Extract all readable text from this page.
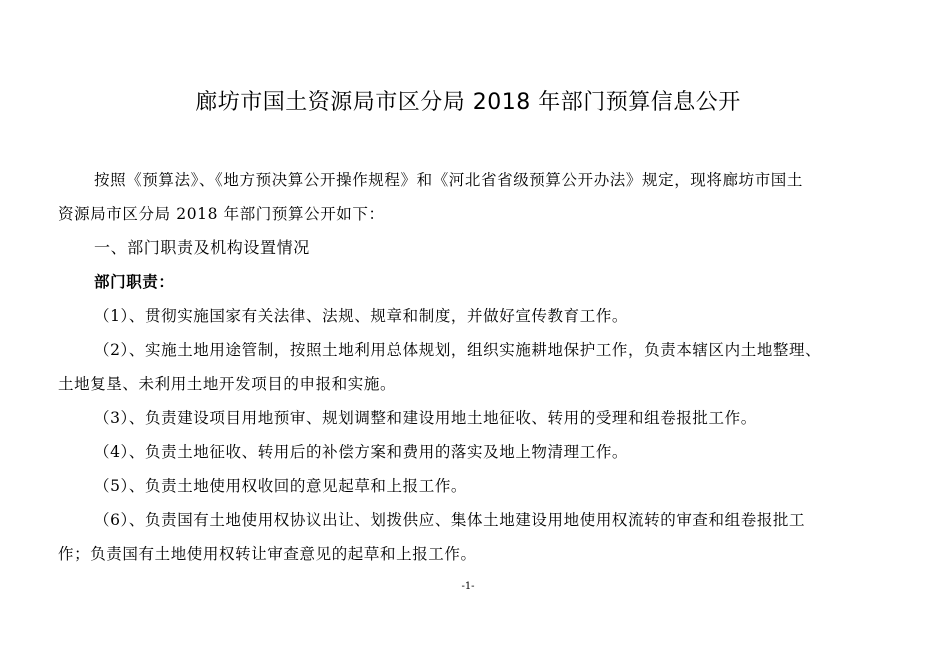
廊坊市国土资源局市区分局 2018 年部门预算信息公开
按照《预算法》、《地方预决算公开操作规程》和《河北省省级预算公开办法》规定，现将廊坊市国土
资源局市区分局 2018 年部门预算公开如下：
一、部门职责及机构设置情况
部门职责：
（1）、贯彻实施国家有关法律、法规、规章和制度，并做好宣传教育工作。
（2）、实施土地用途管制，按照土地利用总体规划，组织实施耕地保护工作，负责本辖区内土地整理、
土地复垦、未利用土地开发项目的申报和实施。
（3）、负责建设项目用地预审、规划调整和建设用地土地征收、转用的受理和组卷报批工作。
（4）、负责土地征收、转用后的补偿方案和费用的落实及地上物清理工作。
（5）、负责土地使用权收回的意见起草和上报工作。
（6）、负责国有土地使用权协议出让、划拨供应、集体土地建设用地使用权流转的审查和组卷报批工
作；负责国有土地使用权转让审查意见的起草和上报工作。
-1-
